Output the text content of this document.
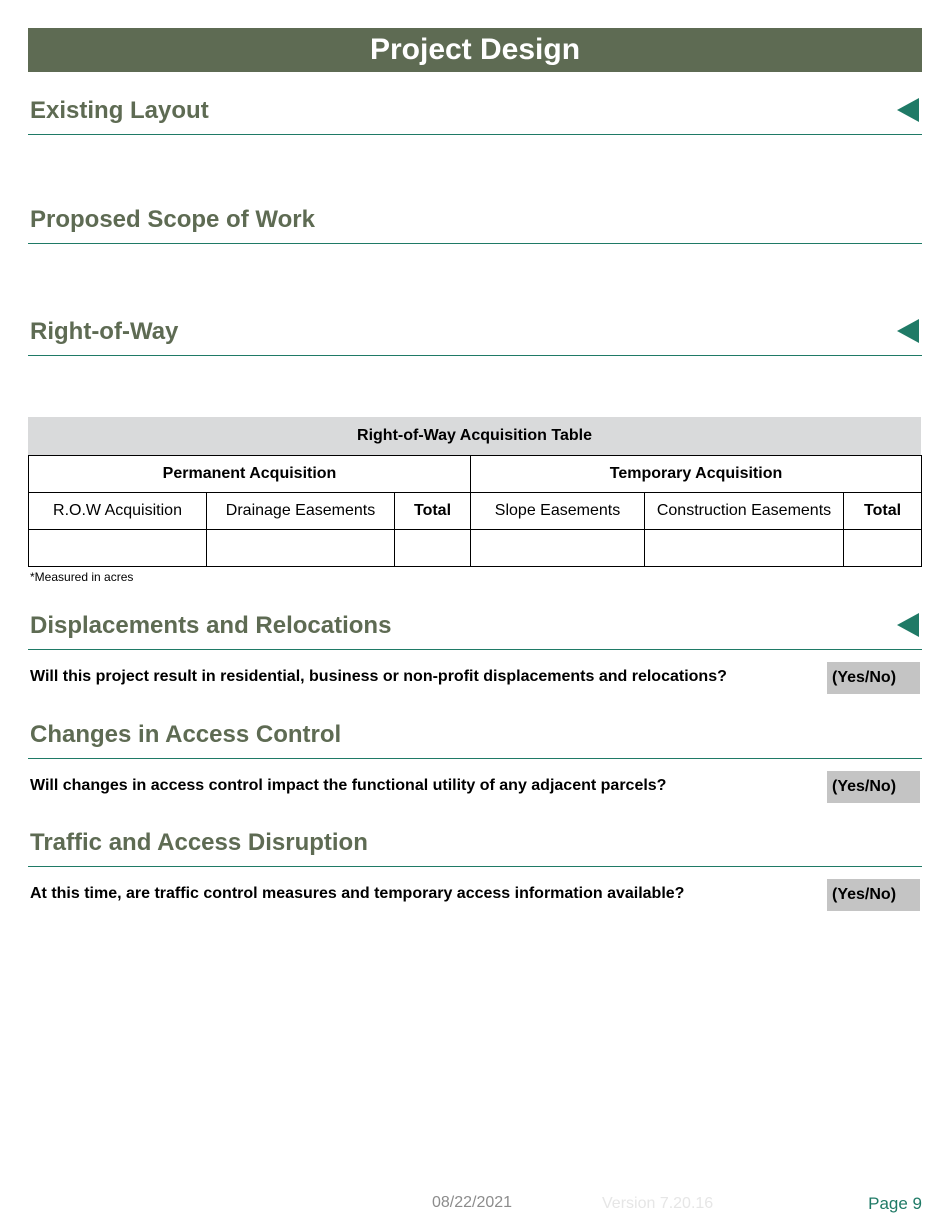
Project Design
Existing Layout
Proposed Scope of Work
Right-of-Way
Right-of-Way Acquisition Table
Permanent Acquisition			Temporary Acquisition		
R.O.W Acquisition	Drainage Easements	Total	Slope Easements	Construction Easements	Total

*Measured in acres
Displacements and Relocations
Will this project result in residential, business or non-profit displacements and relocations?	(Yes/No)
Changes in Access Control
Will changes in access control impact the functional utility of any adjacent parcels?	(Yes/No)
Traffic and Access Disruption
At this time, are traffic control measures and temporary access information available?	(Yes/No)
08/22/2021	Version 7.20.16	Page 9
